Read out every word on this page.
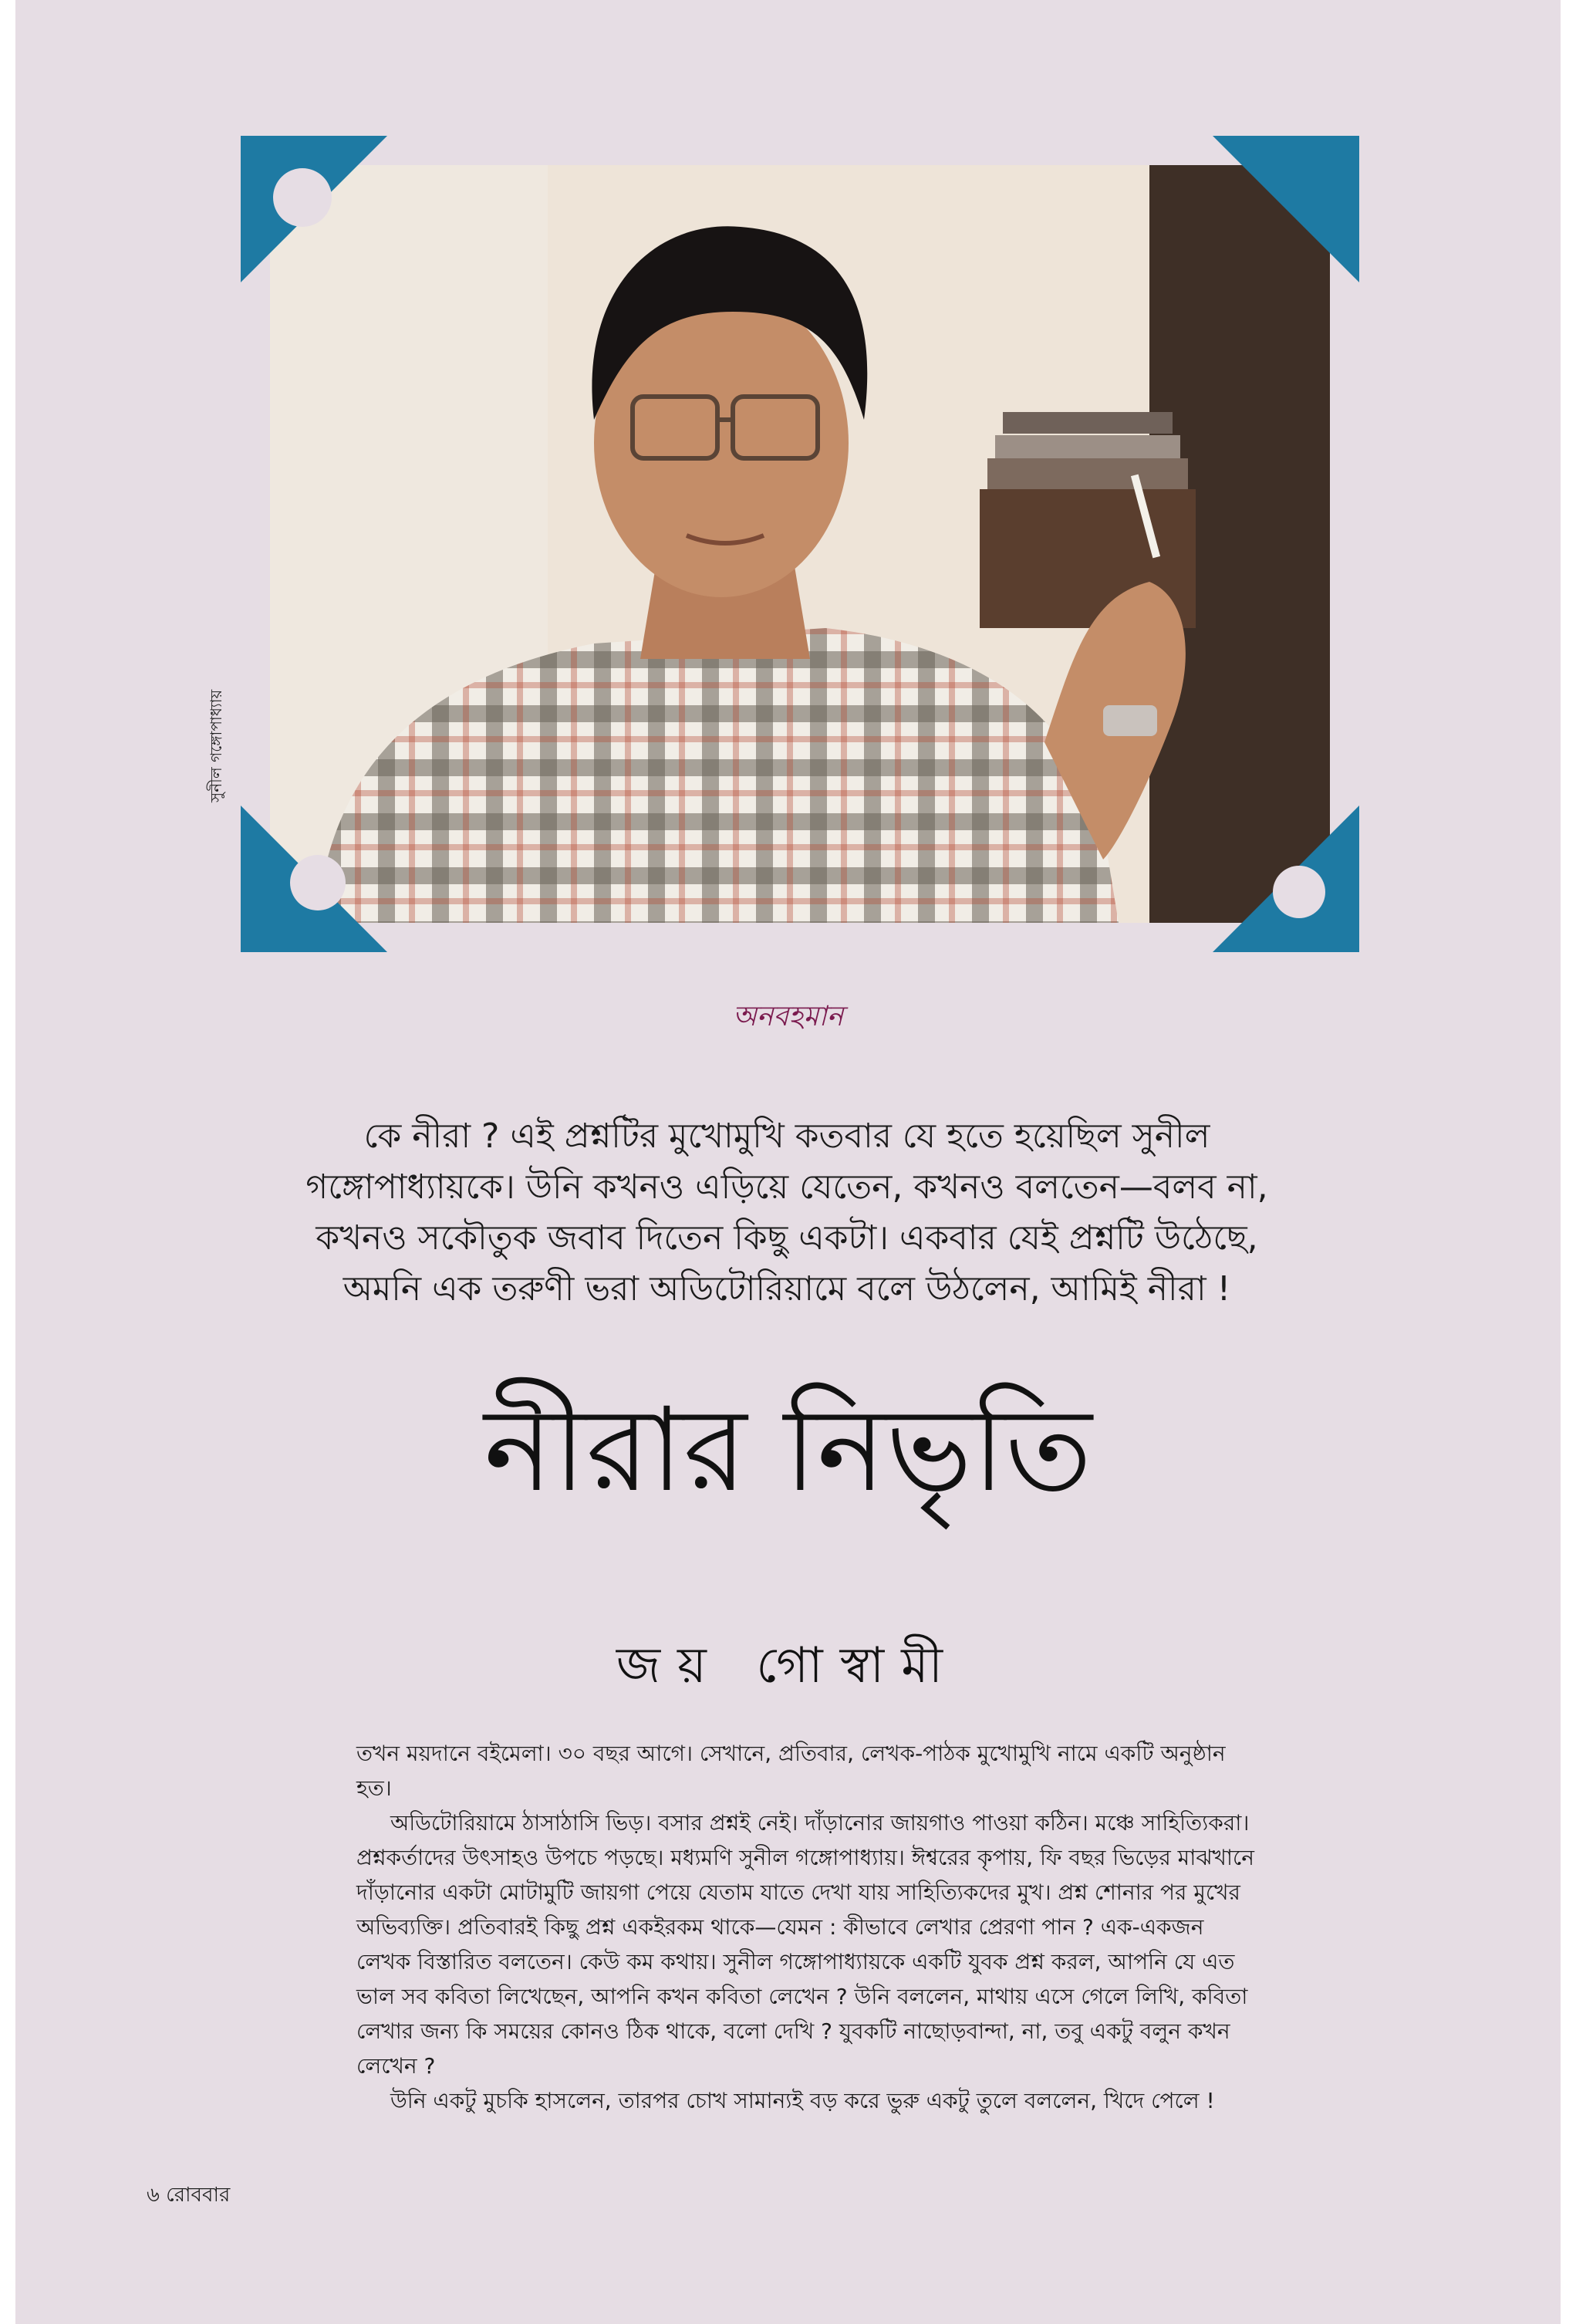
সুনীল গঙ্গোপাধ্যায়
অনবহমান
কে নীরা ? এই প্রশ্নটির মুখোমুখি কতবার যে হতে হয়েছিল সুনীল
গঙ্গোপাধ্যায়কে। উনি কখনও এড়িয়ে যেতেন, কখনও বলতেন—বলব না,
কখনও সকৌতুক জবাব দিতেন কিছু একটা। একবার যেই প্রশ্নটি উঠেছে,
অমনি এক তরুণী ভরা অডিটোরিয়ামে বলে উঠলেন, আমিই নীরা !
নীরার নিভৃতি
জয় গোস্বামী

তখন ময়দানে বইমেলা। ৩০ বছর আগে। সেখানে, প্রতিবার, লেখক-পাঠক মুখোমুখি নামে একটি অনুষ্ঠান হত।

অডিটোরিয়ামে ঠাসাঠাসি ভিড়। বসার প্রশ্নই নেই। দাঁড়ানোর জায়গাও পাওয়া কঠিন। মঞ্চে সাহিত্যিকরা। প্রশ্নকর্তাদের উৎসাহও উপচে পড়ছে। মধ্যমণি সুনীল গঙ্গোপাধ্যায়। ঈশ্বরের কৃপায়, ফি বছর ভিড়ের মাঝখানে দাঁড়ানোর একটা মোটামুটি জায়গা পেয়ে যেতাম যাতে দেখা যায় সাহিত্যিকদের মুখ। প্রশ্ন শোনার পর মুখের অভিব্যক্তি। প্রতিবারই কিছু প্রশ্ন একইরকম থাকে—যেমন : কীভাবে লেখার প্রেরণা পান ? এক-একজন লেখক বিস্তারিত বলতেন। কেউ কম কথায়। সুনীল গঙ্গোপাধ্যায়কে একটি যুবক প্রশ্ন করল, আপনি যে এত ভাল সব কবিতা লিখেছেন, আপনি কখন কবিতা লেখেন ? উনি বললেন, মাথায় এসে গেলে লিখি, কবিতা লেখার জন্য কি সময়ের কোনও ঠিক থাকে, বলো দেখি ? যুবকটি নাছোড়বান্দা, না, তবু একটু বলুন কখন লেখেন ?

উনি একটু মুচকি হাসলেন, তারপর চোখ সামান্যই বড় করে ভুরু একটু তুলে বললেন, খিদে পেলে !

৬ রোববার
